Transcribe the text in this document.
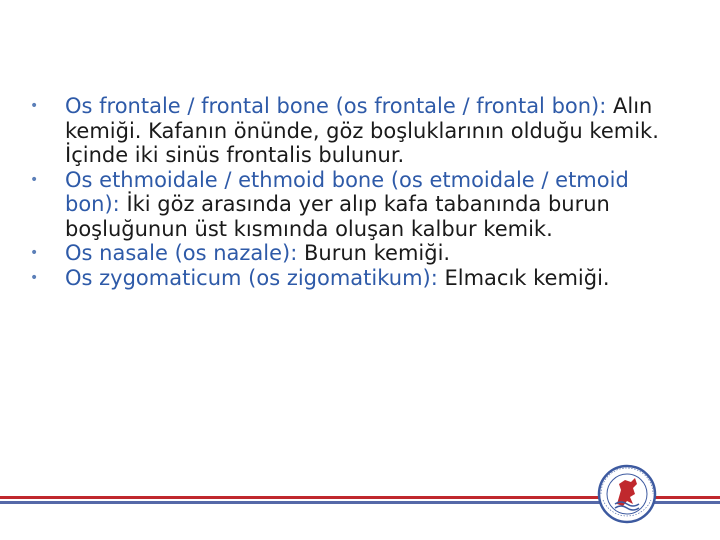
•	Os frontale / frontal bone (os frontale / frontal bon): Alın kemiği. Kafanın önünde, göz boşluklarının olduğu kemik. İçinde iki sinüs frontalis bulunur.
•	Os ethmoidale / ethmoid bone (os etmoidale / etmoid bon): İki göz arasında yer alıp kafa tabanında burun boşluğunun üst kısmında oluşan kalbur kemik.
•	Os nasale (os nazale): Burun kemiği.
•	Os zygomaticum (os zigomatikum): Elmacık kemiği.
